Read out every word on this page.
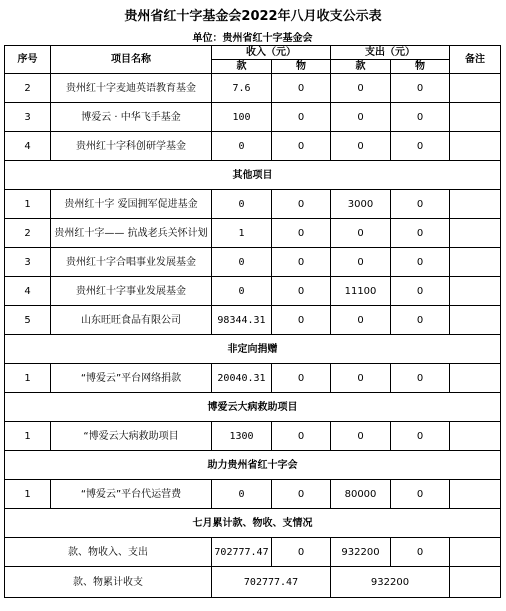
贵州省红十字基金会2022年八月收支公示表
单位：贵州省红十字基金会						
序号	项目名称	收入（元）		支出（元）		备注
		款	物	款	物	
2	贵州红十字麦迪英语教育基金	7.6	0	0	0	
3	博爱云 · 中华飞手基金	100	0	0	0	
4	贵州红十字科创研学基金	0	0	0	0	
其他项目						
1	贵州红十字 爱国拥军促进基金	0	0	3000	0	
2	贵州红十字—— 抗战老兵关怀计划	1	0	0	0	
3	贵州红十字合唱事业发展基金	0	0	0	0	
4	贵州红十字事业发展基金	0	0	11100	0	
5	山东旺旺食品有限公司	98344.31	0	0	0	
非定向捐赠						
1	“博爱云”平台网络捐款	20040.31	0	0	0	
博爱云大病救助项目						
1	“博爱云大病救助项目	1300	0	0	0	
助力贵州省红十字会						
1	“博爱云”平台代运营费	0	0	80000	0	
七月累计款、物收、支情况						
款、物收入、支出		702777.47	0	932200	0	
款、物累计收支		702777.47		932200		
